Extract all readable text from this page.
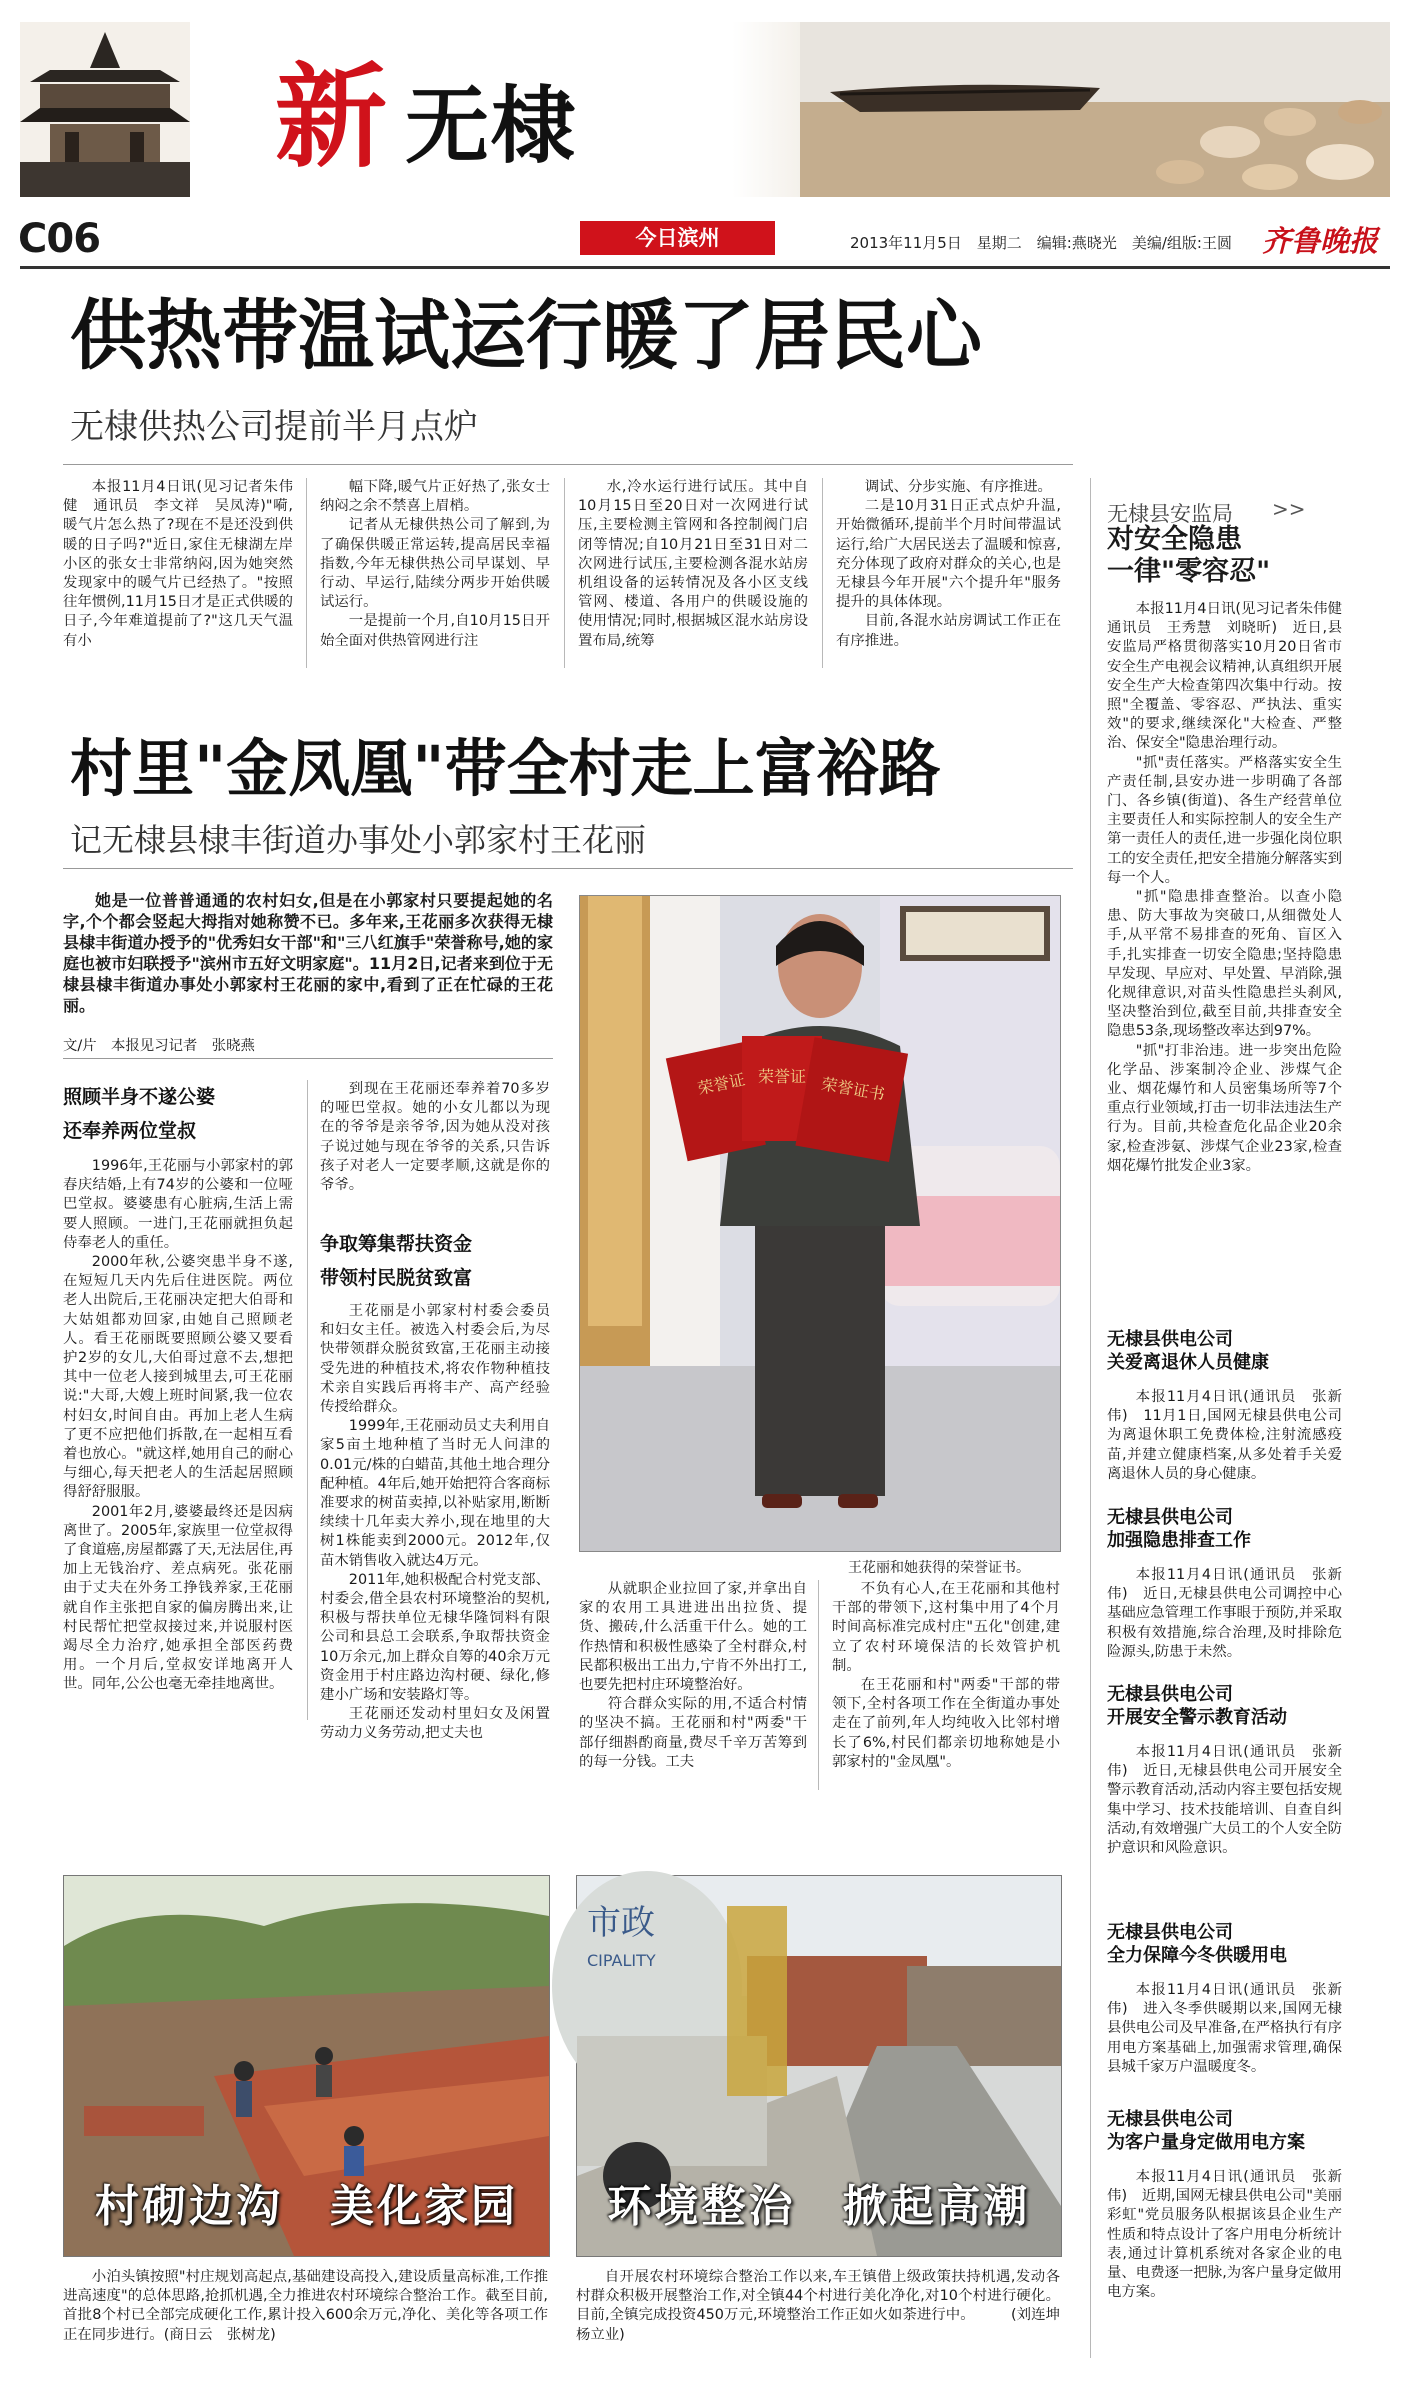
新 无棣
C06	今日滨州	2013年11月5日　星期二　编辑:燕晓光　美编/组版:王圆 齐鲁晚报
供热带温试运行暖了居民心
无棣供热公司提前半月点炉

本报11月4日讯(见习记者朱伟健　通讯员　李文祥　吴凤涛)"嗬,暖气片怎么热了?现在不是还没到供暖的日子吗?"近日,家住无棣湖左岸小区的张女士非常纳闷,因为她突然发现家中的暖气片已经热了。"按照往年惯例,11月15日才是正式供暖的日子,今年难道提前了?"这几天气温有小

幅下降,暖气片正好热了,张女士纳闷之余不禁喜上眉梢。

记者从无棣供热公司了解到,为了确保供暖正常运转,提高居民幸福指数,今年无棣供热公司早谋划、早行动、早运行,陆续分两步开始供暖试运行。

一是提前一个月,自10月15日开始全面对供热管网进行注

水,冷水运行进行试压。其中自10月15日至20日对一次网进行试压,主要检测主管网和各控制阀门启闭等情况;自10月21日至31日对二次网进行试压,主要检测各混水站房机组设备的运转情况及各小区支线管网、楼道、各用户的供暖设施的使用情况;同时,根据城区混水站房设置布局,统筹

调试、分步实施、有序推进。

二是10月31日正式点炉升温,开始微循环,提前半个月时间带温试运行,给广大居民送去了温暖和惊喜,充分体现了政府对群众的关心,也是无棣县今年开展"六个提升年"服务提升的具体体现。

目前,各混水站房调试工作正在有序推进。

村里"金凤凰"带全村走上富裕路
记无棣县棣丰街道办事处小郭家村王花丽

她是一位普普通通的农村妇女,但是在小郭家村只要提起她的名字,个个都会竖起大拇指对她称赞不已。多年来,王花丽多次获得无棣县棣丰街道办授予的"优秀妇女干部"和"三八红旗手"荣誉称号,她的家庭也被市妇联授予"滨州市五好文明家庭"。11月2日,记者来到位于无棣县棣丰街道办事处小郭家村王花丽的家中,看到了正在忙碌的王花丽。

文/片　本报见习记者　张晓燕
照顾半身不遂公婆
还奉养两位堂叔

1996年,王花丽与小郭家村的郭春庆结婚,上有74岁的公婆和一位哑巴堂叔。婆婆患有心脏病,生活上需要人照顾。一进门,王花丽就担负起侍奉老人的重任。

2000年秋,公婆突患半身不遂,在短短几天内先后住进医院。两位老人出院后,王花丽决定把大伯哥和大姑姐都劝回家,由她自己照顾老人。看王花丽既要照顾公婆又要看护2岁的女儿,大伯哥过意不去,想把其中一位老人接到城里去,可王花丽说:"大哥,大嫂上班时间紧,我一位农村妇女,时间自由。再加上老人生病了更不应把他们拆散,在一起相互看着也放心。"就这样,她用自己的耐心与细心,每天把老人的生活起居照顾得舒舒服服。

2001年2月,婆婆最终还是因病离世了。2005年,家族里一位堂叔得了食道癌,房屋都露了天,无法居住,再加上无钱治疗、差点病死。张花丽由于丈夫在外务工挣钱养家,王花丽就自作主张把自家的偏房腾出来,让村民帮忙把堂叔接过来,并说服村医竭尽全力治疗,她承担全部医药费用。一个月后,堂叔安详地离开人世。同年,公公也毫无牵挂地离世。

到现在王花丽还奉养着70多岁的哑巴堂叔。她的小女儿都以为现在的爷爷是亲爷爷,因为她从没对孩子说过她与现在爷爷的关系,只告诉孩子对老人一定要孝顺,这就是你的爷爷。

争取筹集帮扶资金
带领村民脱贫致富

王花丽是小郭家村村委会委员和妇女主任。被选入村委会后,为尽快带领群众脱贫致富,王花丽主动接受先进的种植技术,将农作物种植技术亲自实践后再将丰产、高产经验传授给群众。

1999年,王花丽动员丈夫利用自家5亩土地种植了当时无人问津的0.01元/株的白蜡苗,其他土地合理分配种植。4年后,她开始把符合客商标准要求的树苗卖掉,以补贴家用,断断续续十几年卖大养小,现在地里的大树1株能卖到2000元。2012年,仅苗木销售收入就达4万元。

2011年,她积极配合村党支部、村委会,借全县农村环境整治的契机,积极与帮扶单位无棣华隆饲料有限公司和县总工会联系,争取帮扶资金10万余元,加上群众自筹的40余万元资金用于村庄路边沟村硬、绿化,修建小广场和安装路灯等。

王花丽还发动村里妇女及闲置劳动力义务劳动,把丈夫也

荣誉证 荣誉证 荣誉证书
王花丽和她获得的荣誉证书。

从就职企业拉回了家,并拿出自家的农用工具进进出出拉货、提货、搬砖,什么活重干什么。她的工作热情和积极性感染了全村群众,村民都积极出工出力,宁肯不外出打工,也要先把村庄环境整治好。

符合群众实际的用,不适合村情的坚决不搞。王花丽和村"两委"干部仔细斟酌商量,费尽千辛万苦筹到的每一分钱。工夫

不负有心人,在王花丽和其他村干部的带领下,这村集中用了4个月时间高标准完成村庄"五化"创建,建立了农村环境保洁的长效管护机制。

在王花丽和村"两委"干部的带领下,全村各项工作在全街道办事处走在了前列,年人均纯收入比邻村增长了6%,村民们都亲切地称她是小郭家村的"金凤凰"。

无棣县安监局 >>
对安全隐患
一律"零容忍"

本报11月4日讯(见习记者朱伟健　通讯员　王秀慧　刘晓昕)　近日,县安监局严格贯彻落实10月20日省市安全生产电视会议精神,认真组织开展安全生产大检查第四次集中行动。按照"全覆盖、零容忍、严执法、重实效"的要求,继续深化"大检查、严整治、保安全"隐患治理行动。

"抓"责任落实。严格落实安全生产责任制,县安办进一步明确了各部门、各乡镇(街道)、各生产经营单位主要责任人和实际控制人的安全生产第一责任人的责任,进一步强化岗位职工的安全责任,把安全措施分解落实到每一个人。

"抓"隐患排查整治。以查小隐患、防大事故为突破口,从细微处人手,从平常不易排查的死角、盲区入手,扎实排查一切安全隐患;坚持隐患早发现、早应对、早处置、早消除,强化规律意识,对苗头性隐患拦头刹风,坚决整治到位,截至目前,共排查安全隐患53条,现场整改率达到97%。

"抓"打非治违。进一步突出危险化学品、涉案制冷企业、涉煤气企业、烟花爆竹和人员密集场所等7个重点行业领域,打击一切非法违法生产行为。目前,共检查危化品企业20余家,检查涉氨、涉煤气企业23家,检查烟花爆竹批发企业3家。

无棣县供电公司
关爱离退休人员健康

本报11月4日讯(通讯员　张新伟)　11月1日,国网无棣县供电公司为离退休职工免费体检,注射流感疫苗,并建立健康档案,从多处着手关爱离退休人员的身心健康。

无棣县供电公司
加强隐患排查工作

本报11月4日讯(通讯员　张新伟)　近日,无棣县供电公司调控中心基础应急管理工作事眼于预防,并采取积极有效措施,综合治理,及时排除危险源头,防患于未然。

无棣县供电公司
开展安全警示教育活动

本报11月4日讯(通讯员　张新伟)　近日,无棣县供电公司开展安全警示教育活动,活动内容主要包括安规集中学习、技术技能培训、自查自纠活动,有效增强广大员工的个人安全防护意识和风险意识。

无棣县供电公司
全力保障今冬供暖用电

本报11月4日讯(通讯员　张新伟)　进入冬季供暖期以来,国网无棣县供电公司及早准备,在严格执行有序用电方案基础上,加强需求管理,确保县城千家万户温暖度冬。

无棣县供电公司
为客户量身定做用电方案

本报11月4日讯(通讯员　张新伟)　近期,国网无棣县供电公司"美丽彩虹"党员服务队根据该县企业生产性质和特点设计了客户用电分析统计表,通过计算机系统对各家企业的电量、电费逐一把脉,为客户量身定做用电方案。

村砌边沟　美化家园
市政
CIPALITY
环境整治　掀起高潮

小泊头镇按照"村庄规划高起点,基础建设高投入,建设质量高标准,工作推进高速度"的总体思路,抢抓机遇,全力推进农村环境综合整治工作。截至目前,首批8个村已全部完成硬化工作,累计投入600余万元,净化、美化等各项工作正在同步进行。(商日云　张树龙)

自开展农村环境综合整治工作以来,车王镇借上级政策扶持机遇,发动各村群众积极开展整治工作,对全镇44个村进行美化净化,对10个村进行硬化。目前,全镇完成投资450万元,环境整治工作正如火如荼进行中。　　　(刘连坤　杨立业)
